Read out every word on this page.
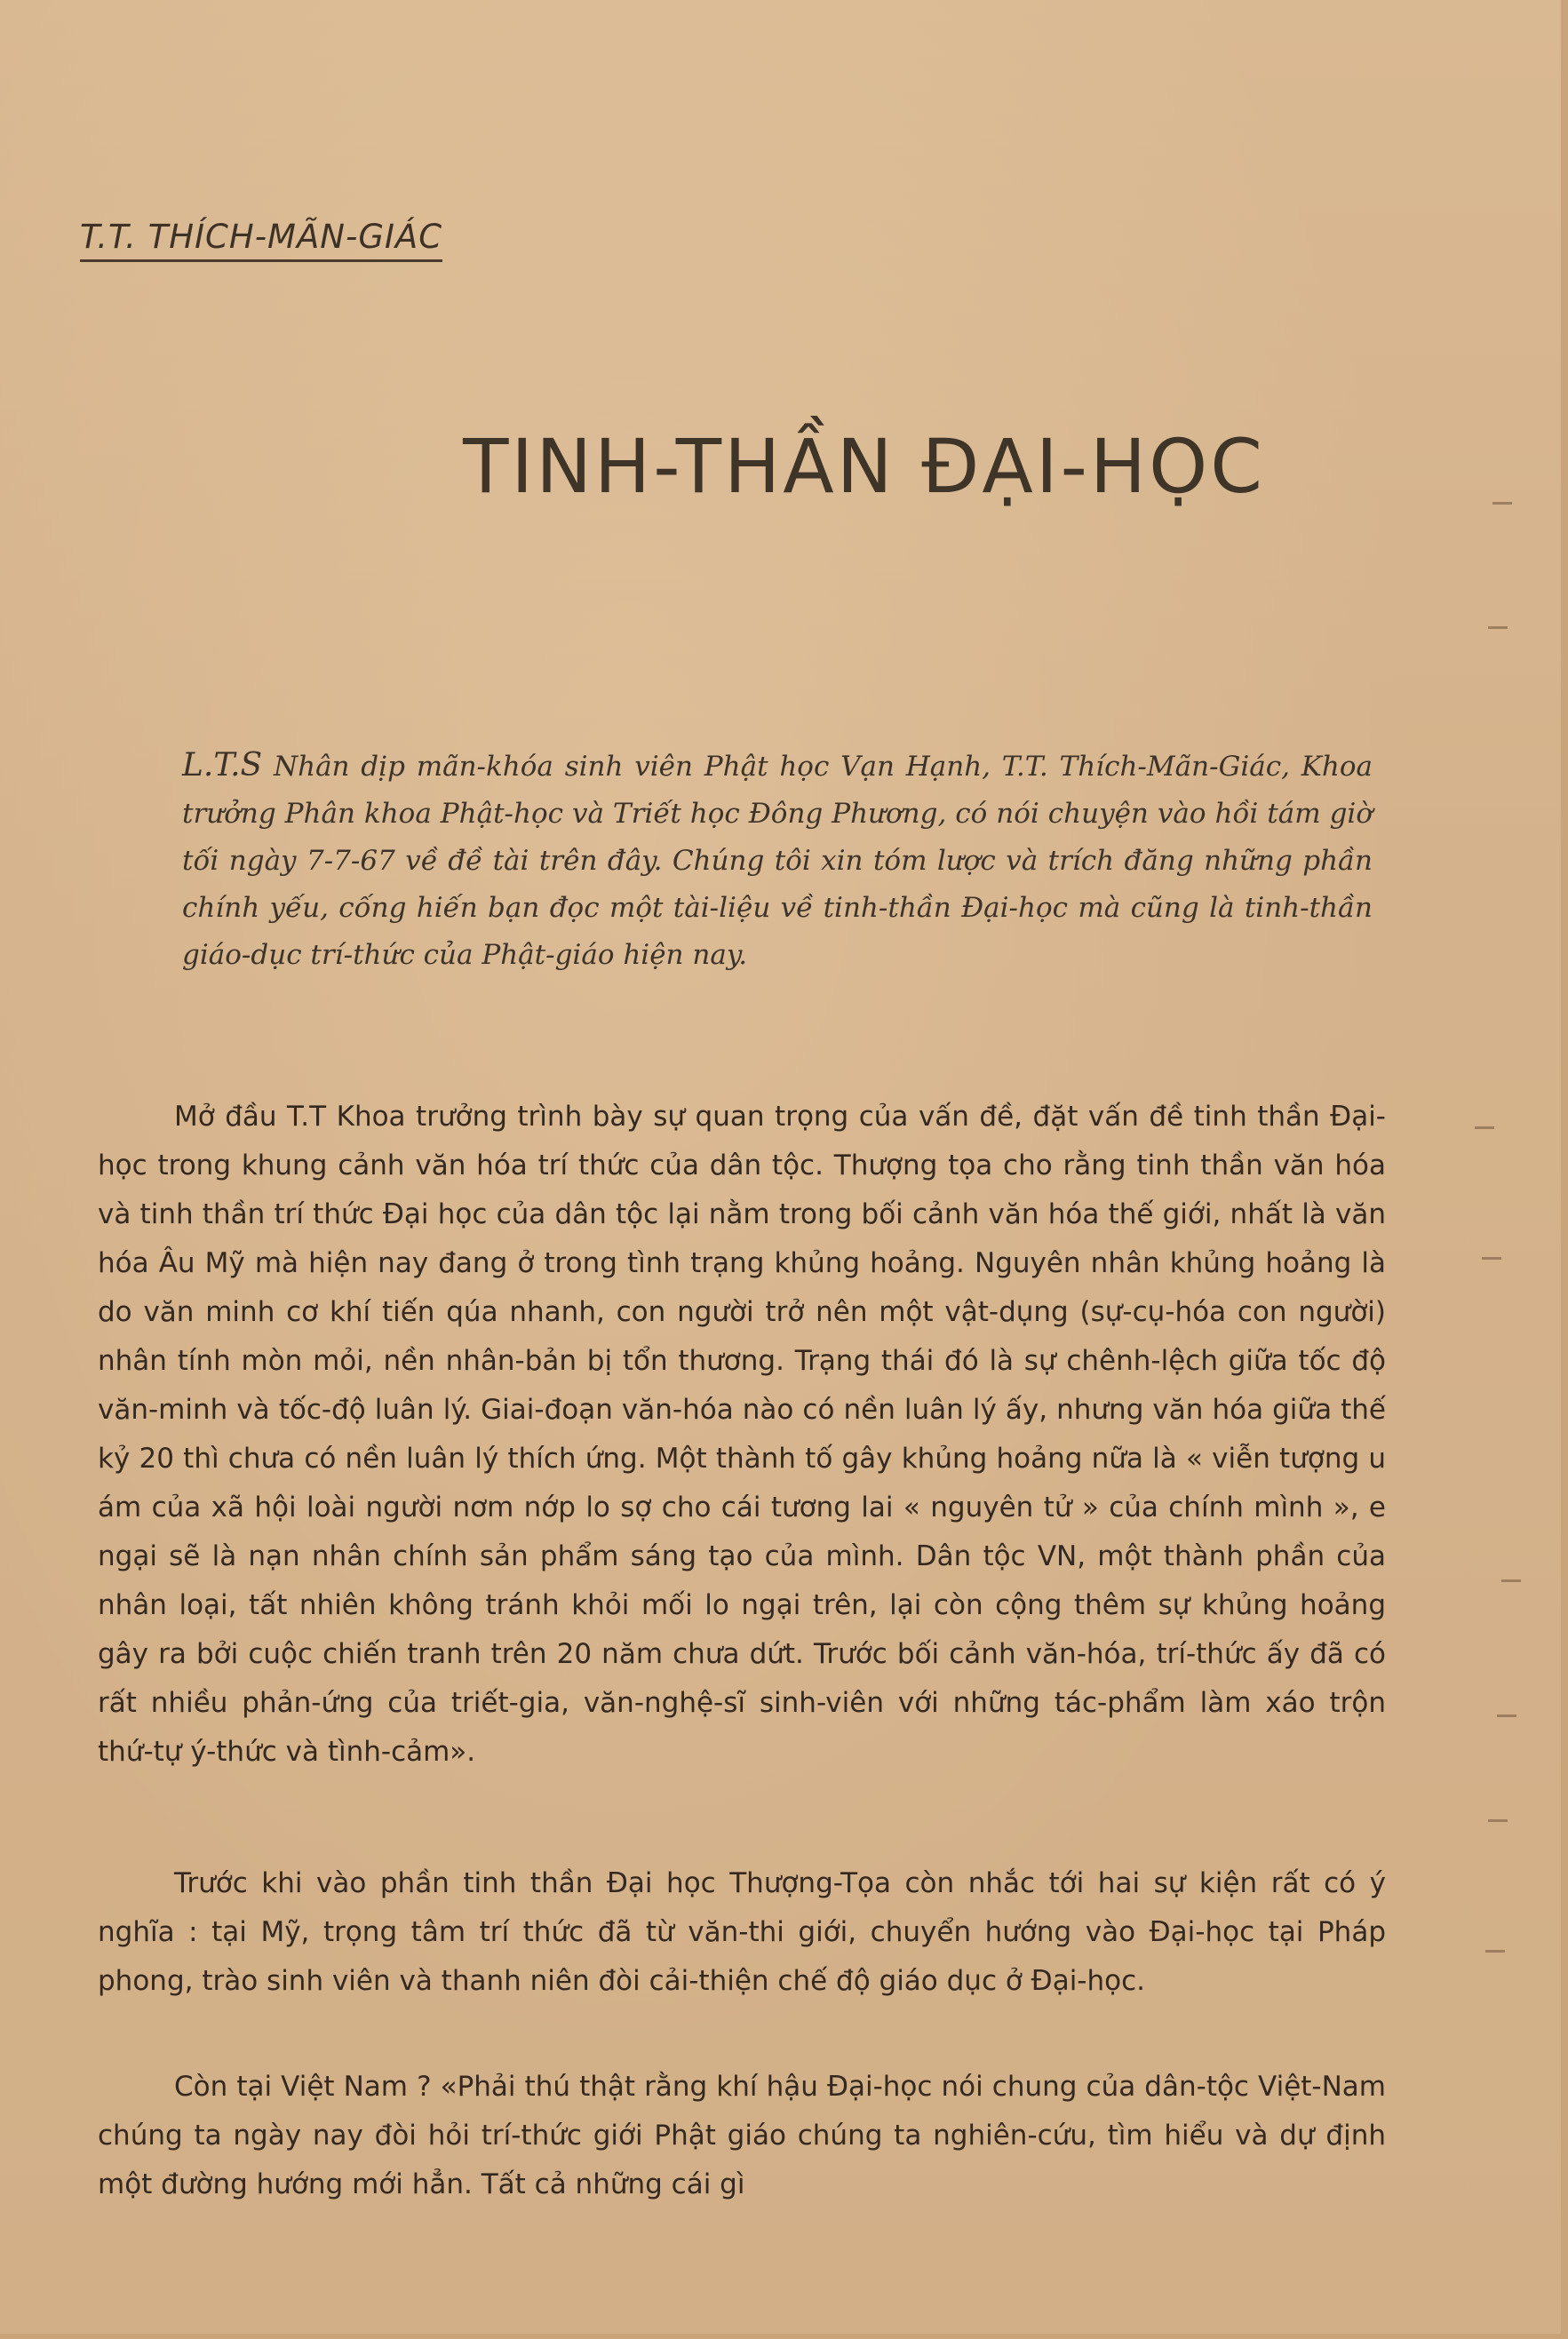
T.T. THÍCH-MÃN-GIÁC
TINH-THẦN ĐẠI-HỌC
L.T.S Nhân dịp mãn-khóa sinh viên Phật học Vạn Hạnh, T.T. Thích-Mãn-Giác, Khoa trưởng Phân khoa Phật-học và Triết học Đông Phương, có nói chuyện vào hồi tám giờ tối ngày 7-7-67 về đề tài trên đây. Chúng tôi xin tóm lược và trích đăng những phần chính yếu, cống hiến bạn đọc một tài-liệu về tinh-thần Đại-học mà cũng là tinh-thần giáo-dục trí-thức của Phật-giáo hiện nay.

Mở đầu T.T Khoa trưởng trình bày sự quan trọng của vấn đề, đặt vấn đề tinh thần Đại-học trong khung cảnh văn hóa trí thức của dân tộc. Thượng tọa cho rằng tinh thần văn hóa và tinh thần trí thức Đại học của dân tộc lại nằm trong bối cảnh văn hóa thế giới, nhất là văn hóa Âu Mỹ mà hiện nay đang ở trong tình trạng khủng hoảng. Nguyên nhân khủng hoảng là do văn minh cơ khí tiến qúa nhanh, con người trở nên một vật-dụng (sự-cụ-hóa con người) nhân tính mòn mỏi, nền nhân-bản bị tổn thương. Trạng thái đó là sự chênh-lệch giữa tốc độ văn-minh và tốc-độ luân lý. Giai-đoạn văn-hóa nào có nền luân lý ấy, nhưng văn hóa giữa thế kỷ 20 thì chưa có nền luân lý thích ứng. Một thành tố gây khủng hoảng nữa là « viễn tượng u ám của xã hội loài người nơm nớp lo sợ cho cái tương lai « nguyên tử » của chính mình », e ngại sẽ là nạn nhân chính sản phẩm sáng tạo của mình. Dân tộc VN, một thành phần của nhân loại, tất nhiên không tránh khỏi mối lo ngại trên, lại còn cộng thêm sự khủng hoảng gây ra bởi cuộc chiến tranh trên 20 năm chưa dứt. Trước bối cảnh văn-hóa, trí-thức ấy đã có rất nhiều phản-ứng của triết-gia, văn-nghệ-sĩ sinh-viên với những tác-phẩm làm xáo trộn thứ-tự ý-thức và tình-cảm».

Trước khi vào phần tinh thần Đại học Thượng-Tọa còn nhắc tới hai sự kiện rất có ý nghĩa : tại Mỹ, trọng tâm trí thức đã từ văn-thi giới, chuyển hướng vào Đại-học tại Pháp phong, trào sinh viên và thanh niên đòi cải-thiện chế độ giáo dục ở Đại-học.

Còn tại Việt Nam ? «Phải thú thật rằng khí hậu Đại-học nói chung của dân-tộc Việt-Nam chúng ta ngày nay đòi hỏi trí-thức giới Phật giáo chúng ta nghiên-cứu, tìm hiểu và dự định một đường hướng mới hẳn. Tất cả những cái gì
